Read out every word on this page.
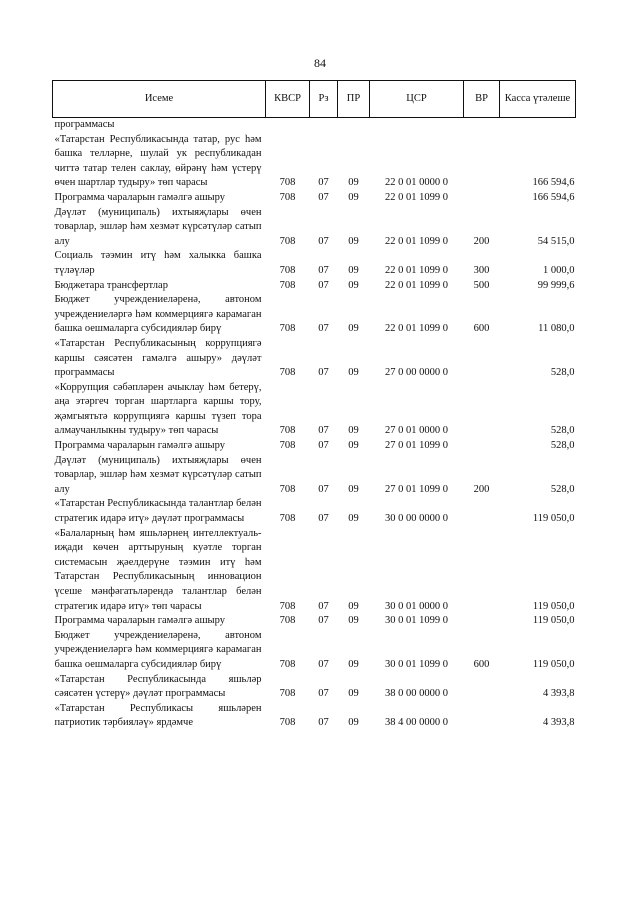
84
Исеме	КВСР	Рз	ПР	ЦСР	ВР	Касса үтәлеше
программасы						
«Татарстан Республикасында татар, рус һәм башка телләрне, шулай ук республикадан читтә татар телен саклау, өйрәнү һәм үстерү өчен шартлар тудыру» төп чарасы	708	07	09	22 0 01 0000 0		166 594,6
Программа чараларын гамәлгә ашыру	708	07	09	22 0 01 1099 0		166 594,6
Дәүләт (муниципаль) ихтыяҗлары өчен товарлар, эшләр һәм хезмәт күрсәтүләр сатып алу	708	07	09	22 0 01 1099 0	200	54 515,0
Социаль тәэмин итү һәм халыкка башка түләүләр	708	07	09	22 0 01 1099 0	300	1 000,0
Бюджетара трансфертлар	708	07	09	22 0 01 1099 0	500	99 999,6
Бюджет учреждениеләренә, автоном учреждениеләргә һәм коммерциягә карамаган башка оешмаларга субсидияләр бирү	708	07	09	22 0 01 1099 0	600	11 080,0
«Татарстан Республикасының коррупциягә каршы сәясәтен гамәлгә ашыру» дәүләт программасы	708	07	09	27 0 00 0000 0		528,0
«Коррупция сәбәпләрен ачыклау һәм бетерү, аңа этәргеч торган шартларга каршы тору, җәмгыятьтә коррупциягә каршы түзеп тора алмаучанлыкны тудыру» төп чарасы	708	07	09	27 0 01 0000 0		528,0
Программа чараларын гамәлгә ашыру	708	07	09	27 0 01 1099 0		528,0
Дәүләт (муниципаль) ихтыяҗлары өчен товарлар, эшләр һәм хезмәт күрсәтүләр сатып алу	708	07	09	27 0 01 1099 0	200	528,0
«Татарстан Республикасында талантлар белән стратегик идарә итү» дәүләт программасы	708	07	09	30 0 00 0000 0		119 050,0
«Балаларның һәм яшьләрнең интеллектуаль-иҗади көчен арттыруның куәтле торган системасын җәелдерүне тәэмин итү һәм Татарстан Республикасының инновацион үсеше мәнфәгатьләрендә талантлар белән стратегик идарә итү» төп чарасы	708	07	09	30 0 01 0000 0		119 050,0
Программа чараларын гамәлгә ашыру	708	07	09	30 0 01 1099 0		119 050,0
Бюджет учреждениеләренә, автоном учреждениеләргә һәм коммерциягә карамаган башка оешмаларга субсидияләр бирү	708	07	09	30 0 01 1099 0	600	119 050,0
«Татарстан Республикасында яшьләр сәясәтен үстерү» дәүләт программасы	708	07	09	38 0 00 0000 0		4 393,8
«Татарстан Республикасы яшьләрен патриотик тәрбияләү» ярдәмче	708	07	09	38 4 00 0000 0		4 393,8
